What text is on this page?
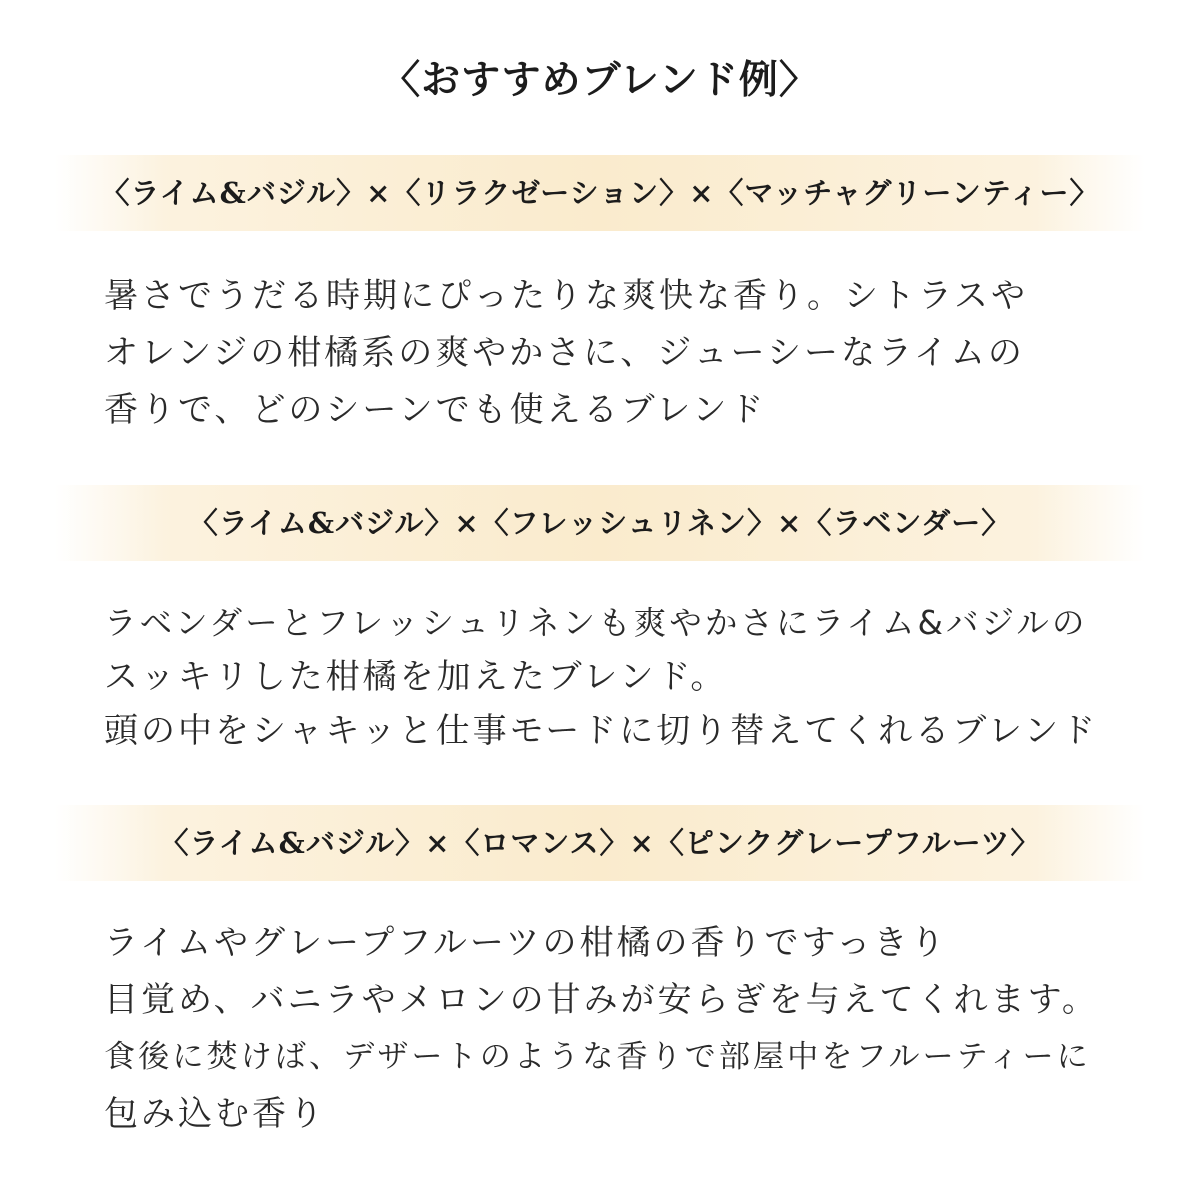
〈おすすめブレンド例〉
〈ライム&バジル〉×〈リラクゼーション〉×〈マッチャグリーンティー〉
暑さでうだる時期にぴったりな爽快な香り。シトラスや
オレンジの柑橘系の爽やかさに、ジューシーなライムの
香りで、どのシーンでも使えるブレンド
〈ライム&バジル〉×〈フレッシュリネン〉×〈ラベンダー〉
ラベンダーとフレッシュリネンも爽やかさにライム&バジルの
スッキリした柑橘を加えたブレンド。
頭の中をシャキッと仕事モードに切り替えてくれるブレンド
〈ライム&バジル〉×〈ロマンス〉×〈ピンクグレープフルーツ〉
ライムやグレープフルーツの柑橘の香りですっきり
目覚め、バニラやメロンの甘みが安らぎを与えてくれます。
食後に焚けば、デザートのような香りで部屋中をフルーティーに
包み込む香り
